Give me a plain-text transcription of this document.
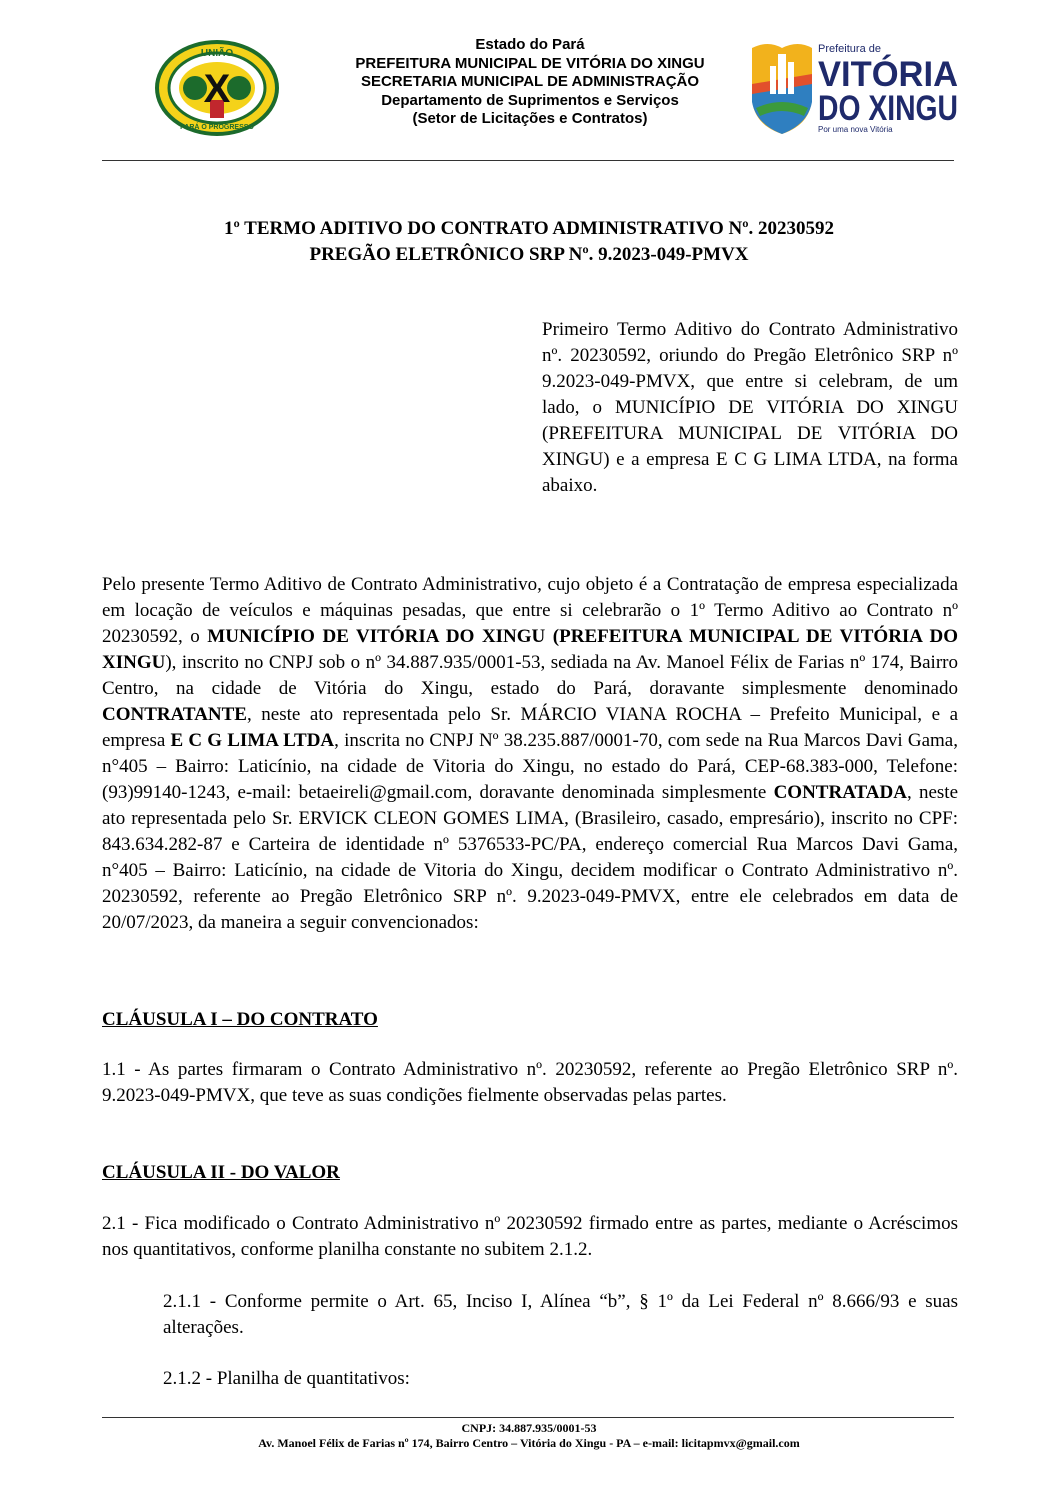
UNIÃO
X
PARÁ O PROGRESSO
Estado do Pará
PREFEITURA MUNICIPAL DE VITÓRIA DO XINGU
SECRETARIA MUNICIPAL DE ADMINISTRAÇÃO
Departamento de Suprimentos e Serviços
(Setor de Licitações e Contratos)
Prefeitura de
VITÓRIA
DO XINGU
Por uma nova Vitória
1º TERMO ADITIVO DO CONTRATO ADMINISTRATIVO Nº. 20230592
PREGÃO ELETRÔNICO SRP Nº. 9.2023-049-PMVX
Primeiro Termo Aditivo do Contrato Administrativo nº. 20230592, oriundo do Pregão Eletrônico SRP nº 9.2023-049-PMVX, que entre si celebram, de um lado, o MUNICÍPIO DE VITÓRIA DO XINGU (PREFEITURA MUNICIPAL DE VITÓRIA DO XINGU) e a empresa E C G LIMA LTDA, na forma abaixo.
Pelo presente Termo Aditivo de Contrato Administrativo, cujo objeto é a Contratação de empresa especializada em locação de veículos e máquinas pesadas, que entre si celebrarão o 1º Termo Aditivo ao Contrato nº 20230592, o MUNICÍPIO DE VITÓRIA DO XINGU (PREFEITURA MUNICIPAL DE VITÓRIA DO XINGU), inscrito no CNPJ sob o nº 34.887.935/0001-53, sediada na Av. Manoel Félix de Farias nº 174, Bairro Centro, na cidade de Vitória do Xingu, estado do Pará, doravante simplesmente denominado CONTRATANTE, neste ato representada pelo Sr. MÁRCIO VIANA ROCHA – Prefeito Municipal, e a empresa E C G LIMA LTDA, inscrita no CNPJ Nº 38.235.887/0001-70, com sede na Rua Marcos Davi Gama, n°405 – Bairro: Laticínio, na cidade de Vitoria do Xingu, no estado do Pará, CEP-68.383-000, Telefone: (93)99140-1243, e-mail: betaeireli@gmail.com, doravante denominada simplesmente CONTRATADA, neste ato representada pelo Sr. ERVICK CLEON GOMES LIMA, (Brasileiro, casado, empresário), inscrito no CPF: 843.634.282-87 e Carteira de identidade nº 5376533-PC/PA, endereço comercial Rua Marcos Davi Gama, n°405 – Bairro: Laticínio, na cidade de Vitoria do Xingu, decidem modificar o Contrato Administrativo nº. 20230592, referente ao Pregão Eletrônico SRP nº. 9.2023-049-PMVX, entre ele celebrados em data de 20/07/2023, da maneira a seguir convencionados:
CLÁUSULA I – DO CONTRATO
1.1 - As partes firmaram o Contrato Administrativo nº. 20230592, referente ao Pregão Eletrônico SRP nº. 9.2023-049-PMVX, que teve as suas condições fielmente observadas pelas partes.
CLÁUSULA II - DO VALOR
2.1 - Fica modificado o Contrato Administrativo nº 20230592 firmado entre as partes, mediante o Acréscimos nos quantitativos, conforme planilha constante no subitem 2.1.2.
2.1.1 - Conforme permite o Art. 65, Inciso I, Alínea “b”, § 1º da Lei Federal nº 8.666/93 e suas alterações.
2.1.2 - Planilha de quantitativos:
CNPJ: 34.887.935/0001-53
Av. Manoel Félix de Farias nº 174, Bairro Centro – Vitória do Xingu - PA – e-mail: licitapmvx@gmail.com
